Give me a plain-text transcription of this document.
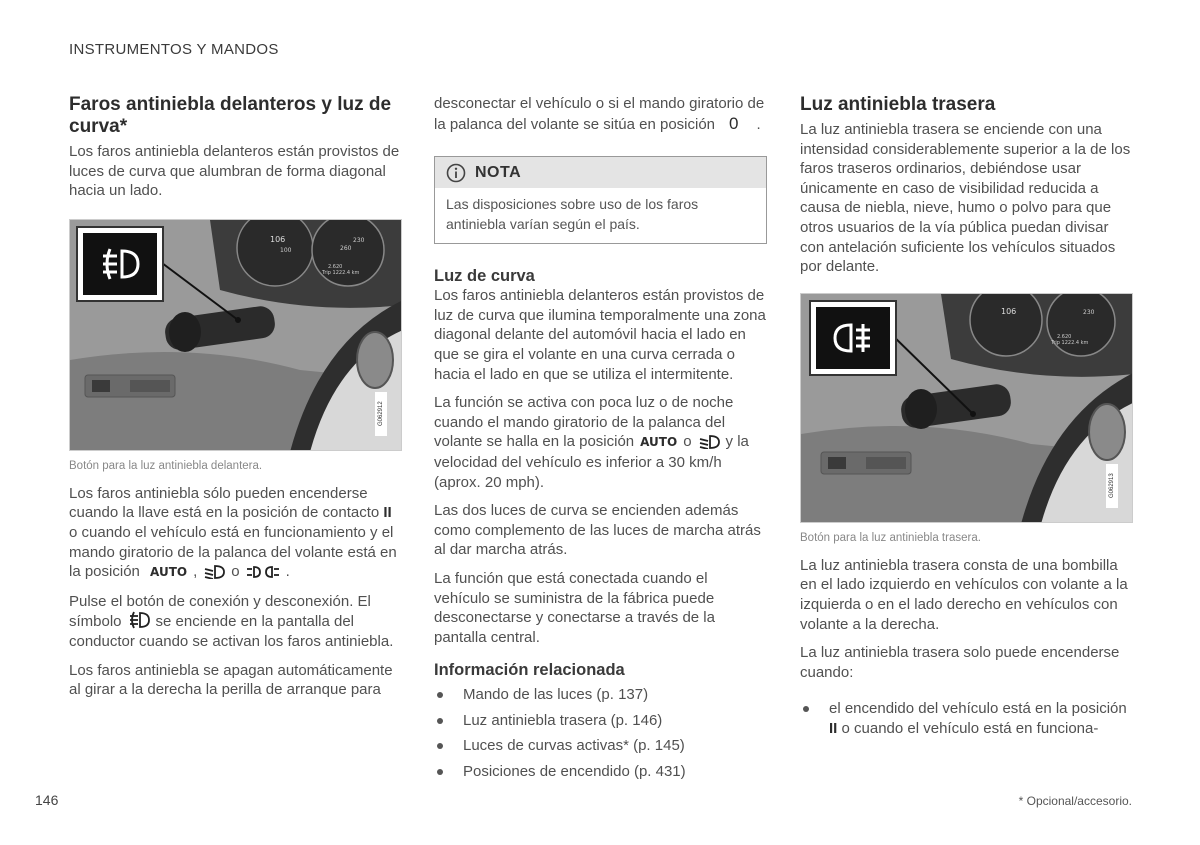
INSTRUMENTOS Y MANDOS
Faros antiniebla delanteros y luz de curva*

Los faros antiniebla delanteros están provistos de luces de curva que alumbran de forma diagonal hacia un lado.

106
100
230
260
2.620
Trip 1222.4 km
G062912
Botón para la luz antiniebla delantera.

Los faros antiniebla sólo pueden encenderse cuando la llave está en la posición de contacto II o cuando el vehículo está en funcionamiento y el mando giratorio de la palanca del volante está en la posición AUTO , o	.

Pulse el botón de conexión y desconexión. El símbolo se enciende en la pantalla del conductor cuando se activan los faros antiniebla.

Los faros antiniebla se apagan automáticamente al girar a la derecha la perilla de arranque para

desconectar el vehículo o si el mando giratorio de la palanca del volante se sitúa en posición 0 .

NOTA
Las disposiciones sobre uso de los faros antiniebla varían según el país.
Luz de curva

Los faros antiniebla delanteros están provistos de luz de curva que ilumina temporalmente una zona diagonal delante del automóvil hacia el lado en que se gira el volante en una curva cerrada o hacia el lado en que se utiliza el intermitente.

La función se activa con poca luz o de noche cuando el mando giratorio de la palanca del volante se halla en la posición AUTO o y la velocidad del vehículo es inferior a 30 km/h (aprox. 20 mph).

Las dos luces de curva se encienden además como complemento de las luces de marcha atrás al dar marcha atrás.

La función que está conectada cuando el vehículo se suministra de la fábrica puede desconectarse y conectarse a través de la pantalla central.

Información relacionada
Mando de las luces (p. 137)
Luz antiniebla trasera (p. 146)
Luces de curvas activas* (p. 145)
Posiciones de encendido (p. 431)
Luz antiniebla trasera

La luz antiniebla trasera se enciende con una intensidad considerablemente superior a la de los faros traseros ordinarios, debiéndose usar únicamente en caso de visibilidad reducida a causa de niebla, nieve, humo o polvo para que otros usuarios de la vía pública puedan divisar con antelación suficiente los vehículos situados por delante.

106	230
2.620
Trip 1222.4 km
G062913
Botón para la luz antiniebla trasera.

La luz antiniebla trasera consta de una bombilla en el lado izquierdo en vehículos con volante a la izquierda o en el lado derecho en vehículos con volante a la derecha.

La luz antiniebla trasera solo puede encenderse cuando:

el encendido del vehículo está en la posición II o cuando el vehículo está en funciona-

146	* Opcional/accesorio.
